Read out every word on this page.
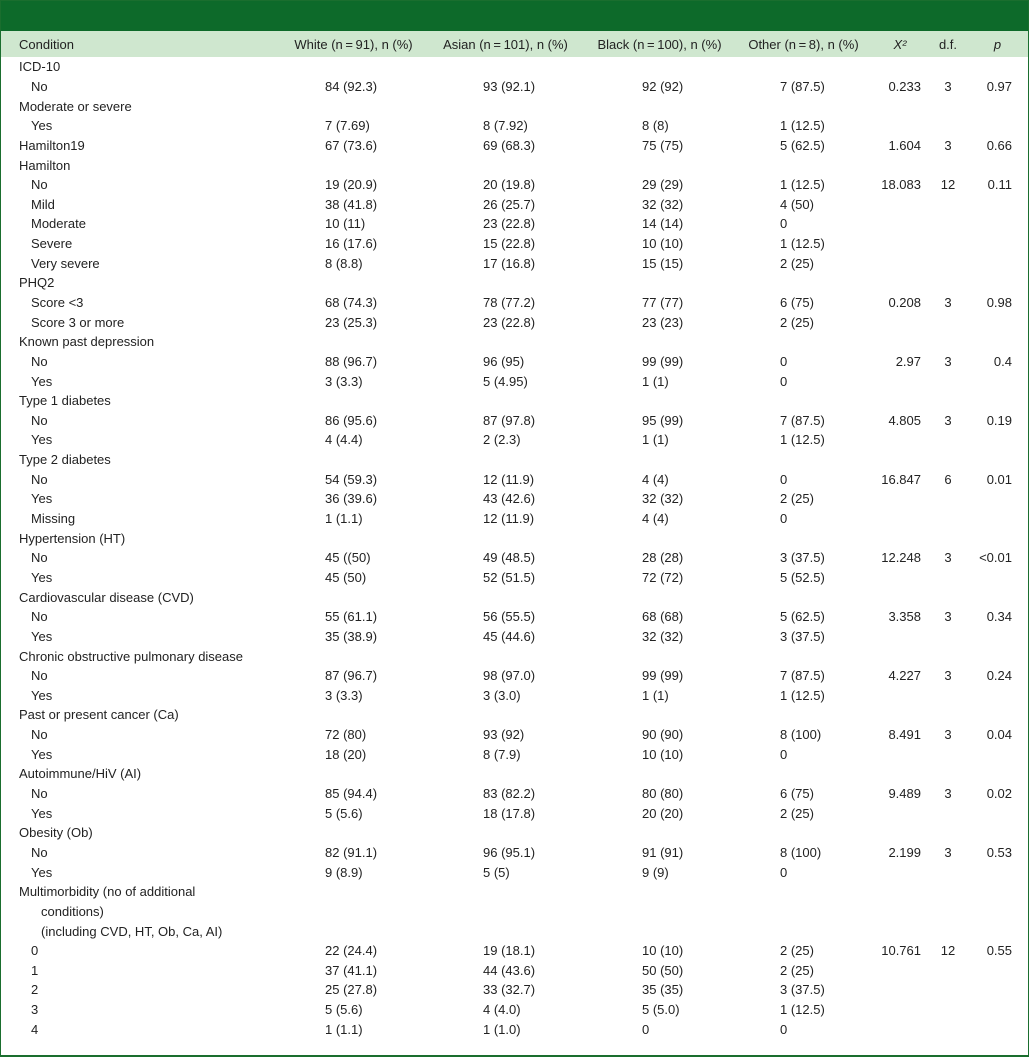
Condition	White (n = 91), n (%)	Asian (n = 101), n (%)	Black (n = 100), n (%)	Other (n = 8), n (%)	X²	d.f.	p
ICD-10							
No	84 (92.3)	93 (92.1)	92 (92)	7 (87.5)	0.233	3	0.97
Moderate or severe							
Yes	7 (7.69)	8 (7.92)	8 (8)	1 (12.5)			
Hamilton19	67 (73.6)	69 (68.3)	75 (75)	5 (62.5)	1.604	3	0.66
Hamilton							
No	19 (20.9)	20 (19.8)	29 (29)	1 (12.5)	18.083	12	0.11
Mild	38 (41.8)	26 (25.7)	32 (32)	4 (50)			
Moderate	10 (11)	23 (22.8)	14 (14)	0			
Severe	16 (17.6)	15 (22.8)	10 (10)	1 (12.5)			
Very severe	8 (8.8)	17 (16.8)	15 (15)	2 (25)			
PHQ2							
Score <3	68 (74.3)	78 (77.2)	77 (77)	6 (75)	0.208	3	0.98
Score 3 or more	23 (25.3)	23 (22.8)	23 (23)	2 (25)			
Known past depression							
No	88 (96.7)	96 (95)	99 (99)	0	2.97	3	0.4
Yes	3 (3.3)	5 (4.95)	1 (1)	0			
Type 1 diabetes							
No	86 (95.6)	87 (97.8)	95 (99)	7 (87.5)	4.805	3	0.19
Yes	4 (4.4)	2 (2.3)	1 (1)	1 (12.5)			
Type 2 diabetes							
No	54 (59.3)	12 (11.9)	4 (4)	0	16.847	6	0.01
Yes	36 (39.6)	43 (42.6)	32 (32)	2 (25)			
Missing	1 (1.1)	12 (11.9)	4 (4)	0			
Hypertension (HT)							
No	45 ((50)	49 (48.5)	28 (28)	3 (37.5)	12.248	3	<0.01
Yes	45 (50)	52 (51.5)	72 (72)	5 (52.5)			
Cardiovascular disease (CVD)							
No	55 (61.1)	56 (55.5)	68 (68)	5 (62.5)	3.358	3	0.34
Yes	35 (38.9)	45 (44.6)	32 (32)	3 (37.5)			
Chronic obstructive pulmonary disease							
No	87 (96.7)	98 (97.0)	99 (99)	7 (87.5)	4.227	3	0.24
Yes	3 (3.3)	3 (3.0)	1 (1)	1 (12.5)			
Past or present cancer (Ca)							
No	72 (80)	93 (92)	90 (90)	8 (100)	8.491	3	0.04
Yes	18 (20)	8 (7.9)	10 (10)	0			
Autoimmune/HiV (AI)							
No	85 (94.4)	83 (82.2)	80 (80)	6 (75)	9.489	3	0.02
Yes	5 (5.6)	18 (17.8)	20 (20)	2 (25)			
Obesity (Ob)							
No	82 (91.1)	96 (95.1)	91 (91)	8 (100)	2.199	3	0.53
Yes	9 (8.9)	5 (5)	9 (9)	0			
Multimorbidity (no of additional							
conditions)							
(including CVD, HT, Ob, Ca, AI)							
0	22 (24.4)	19 (18.1)	10 (10)	2 (25)	10.761	12	0.55
1	37 (41.1)	44 (43.6)	50 (50)	2 (25)			
2	25 (27.8)	33 (32.7)	35 (35)	3 (37.5)			
3	5 (5.6)	4 (4.0)	5 (5.0)	1 (12.5)			
4	1 (1.1)	1 (1.0)	0	0			
